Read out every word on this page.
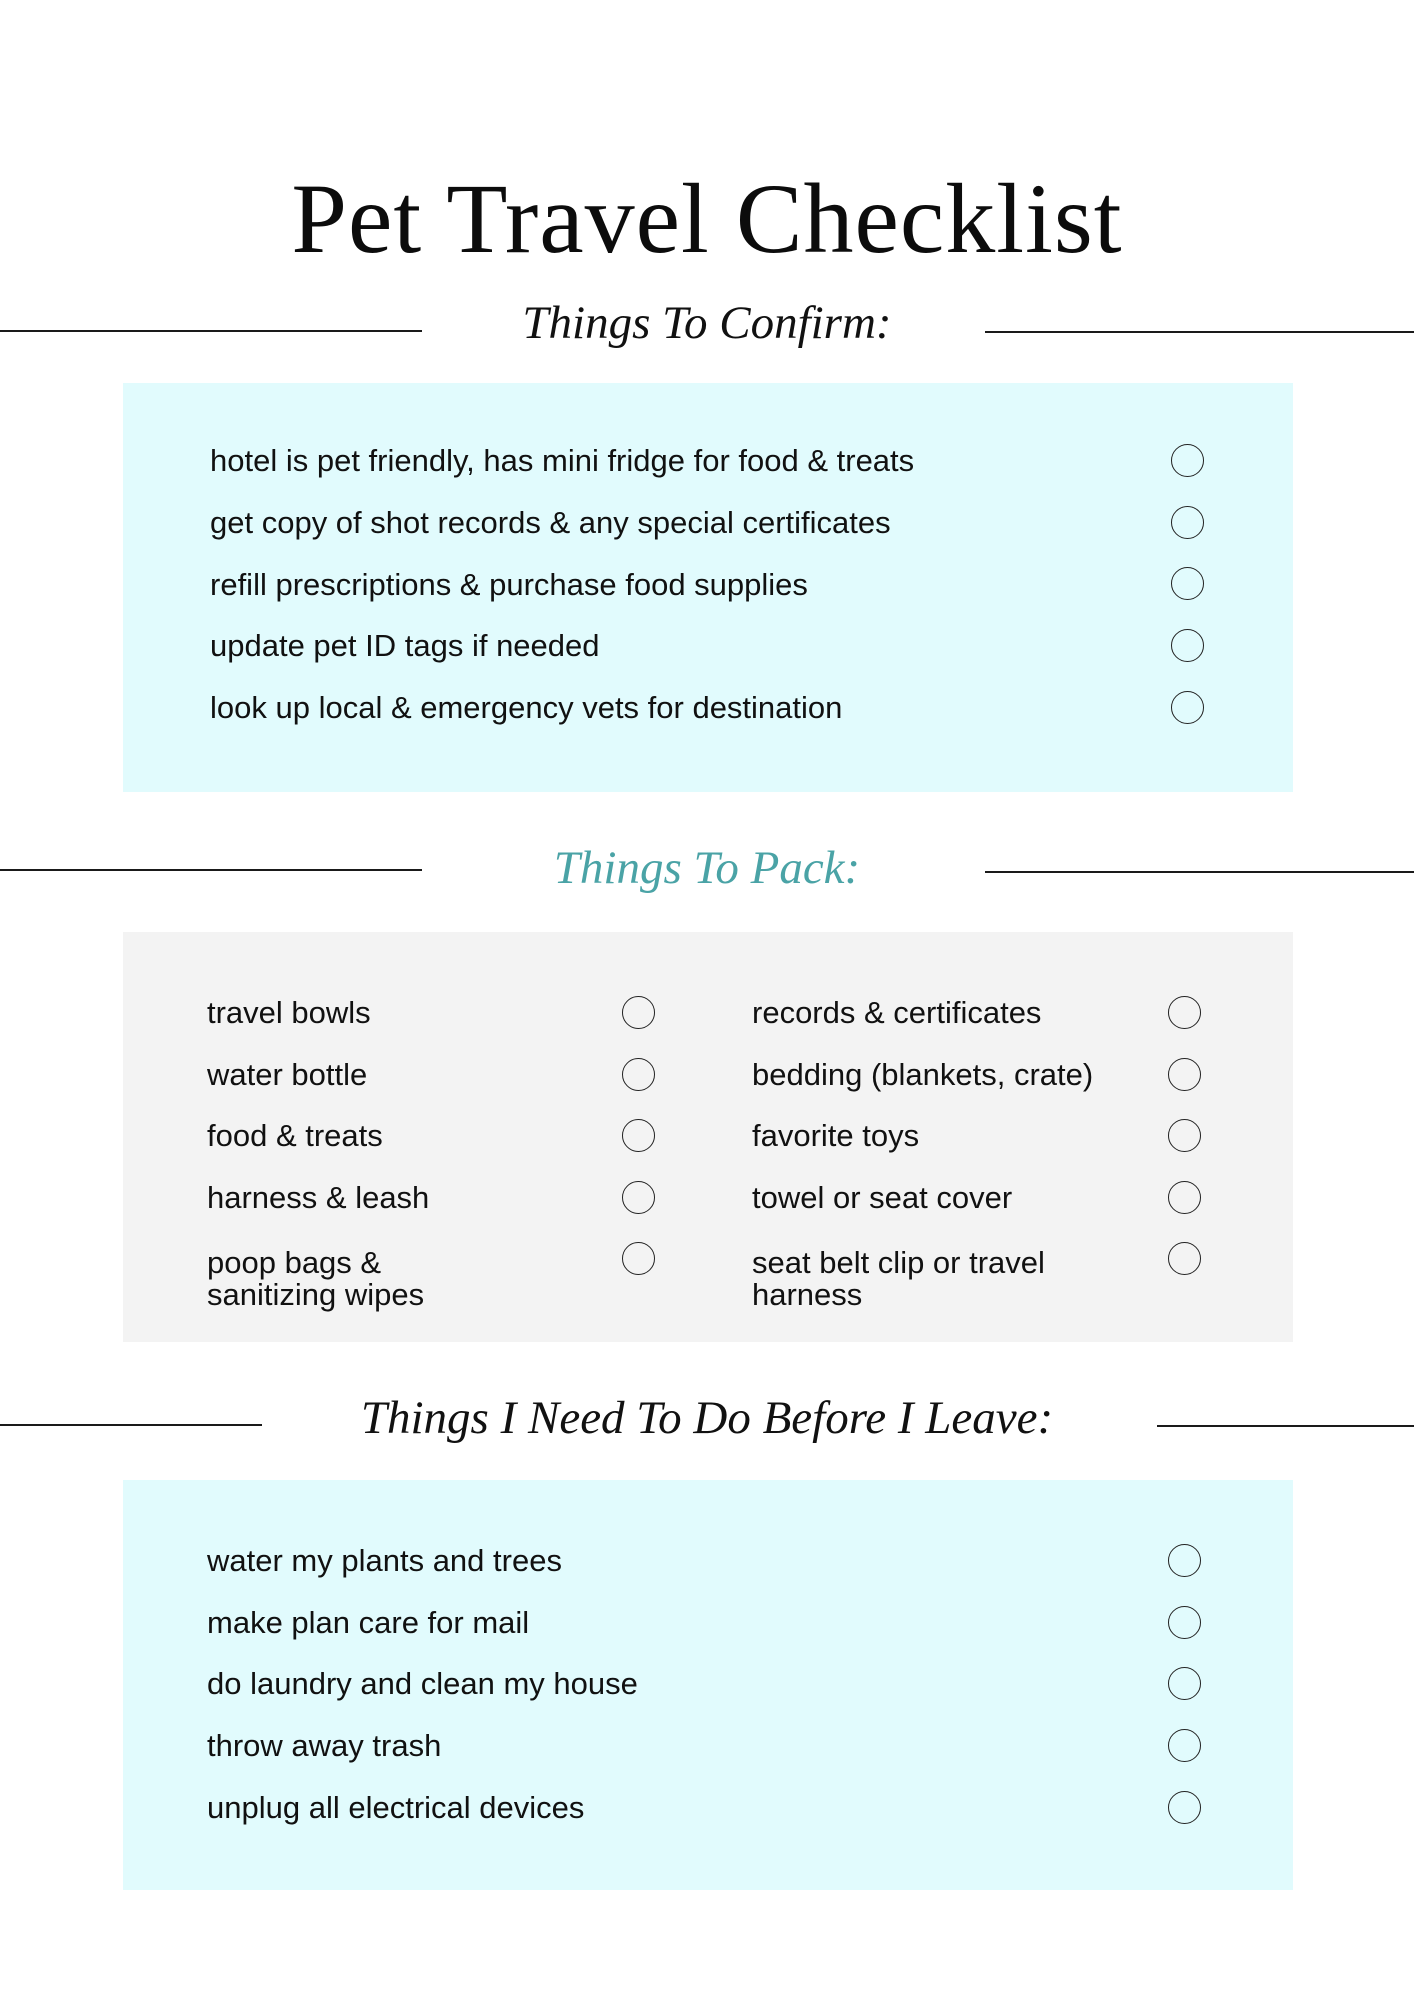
Pet Travel Checklist
Things To Confirm:
hotel is pet friendly, has mini fridge for food & treats
get copy of shot records & any special certificates
refill prescriptions & purchase food supplies
update pet ID tags if needed
look up local & emergency vets for destination
Things To Pack:
travel bowls
water bottle
food & treats
harness & leash
poop bags & sanitizing wipes
records & certificates
bedding (blankets, crate)
favorite toys
towel or seat cover
seat belt clip or travel harness
Things I Need To Do Before I Leave:
water my plants and trees
make plan care for mail
do laundry and clean my house
throw away trash
unplug all electrical devices
